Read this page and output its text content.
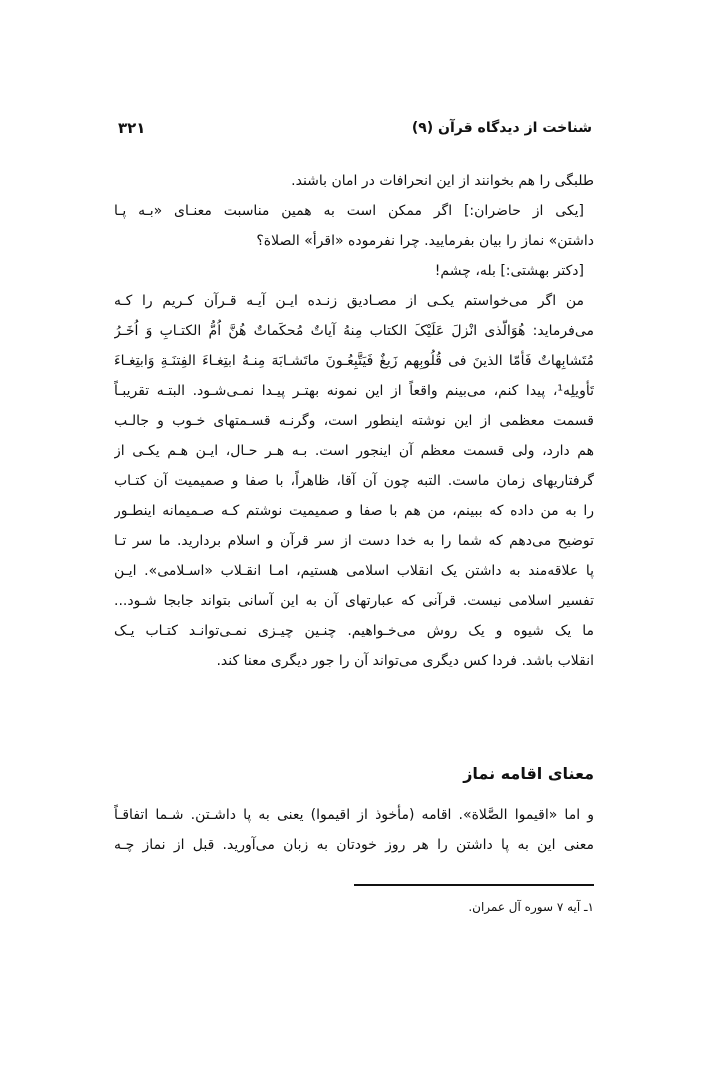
شناخت از دیدگاه قرآن (۹)
۳۲۱
طلبگی را هم بخوانند از این انحرافات در امان باشند.
[یکی از حاضران:] اگر ممکن است به همین مناسبت معنـای «بـه پـا
داشتن» نماز را بیان بفرمایید. چرا نفرموده «اقرأ» الصلاة؟
[دکتر بهشتی:] بله، چشم!
من اگر می‌خواستم یکـی از مصـادیق زنـده ایـن آیـه قـرآن کـریم را کـه
می‌فرماید: هُوَالّذی انْزلَ عَلَیْکَ الکتاب مِنهُ آیاتٌ مُحکَماتٌ هُنَّ اُمُّ الکتـابِ وَ اُخَـرُ
مُتَشابِهاتٌ فَأمّا الذینَ فی قُلُوبِهم زَیغٌ فَیَتَّبِعُـونَ ماتَشـابَهَ مِنـهُ ابتِغـاءَ الفِتنَـةِ وَابتِغـاءَ
تَأویلِه¹، پیدا کنم، می‌بینم واقعاً از این نمونه بهتـر پیـدا نمـی‌شـود. البتـه تقریبـاً
قسمت معظمی از این نوشته اینطور است، وگرنـه قسـمتهای خـوب و جالـب
هم دارد، ولی قسمت معظم آن اینجور است. بـه هـر حـال، ایـن هـم یکـی از
گرفتاریهای زمان ماست. التبه چون آن آقا، ظاهراً، با صفا و صمیمیت آن کتـاب
را به من داده که ببینم، من هم با صفا و صمیمیت نوشتم کـه صـمیمانه اینطـور
توضیح می‌دهم که شما را به خدا دست از سر قرآن و اسلام بردارید. ما سر تـا
پا علاقه‌مند به داشتن یک انقلاب اسلامی هستیم، امـا انقـلاب «اسـلامی». ایـن
تفسیر اسلامی نیست. قرآنی که عبارتهای آن به این آسانی بتواند جابجا شـود...
ما یک شیوه و یک روش می‌خـواهیم. چنـین چیـزی نمـی‌توانـد کتـاب یـک
انقلاب باشد. فردا کس دیگری می‌تواند آن را جور دیگری معنا کند.
معنای اقامه نماز
و اما «اقیموا الصَّلاة». اقامه (مأخوذ از اقیموا) یعنی به پا داشـتن. شـما اتفاقـاً
معنی این به پا داشتن را هر روز خودتان به زبان می‌آورید. قبل از نماز چـه
۱ـ آیه ۷ سوره آل عمران.
